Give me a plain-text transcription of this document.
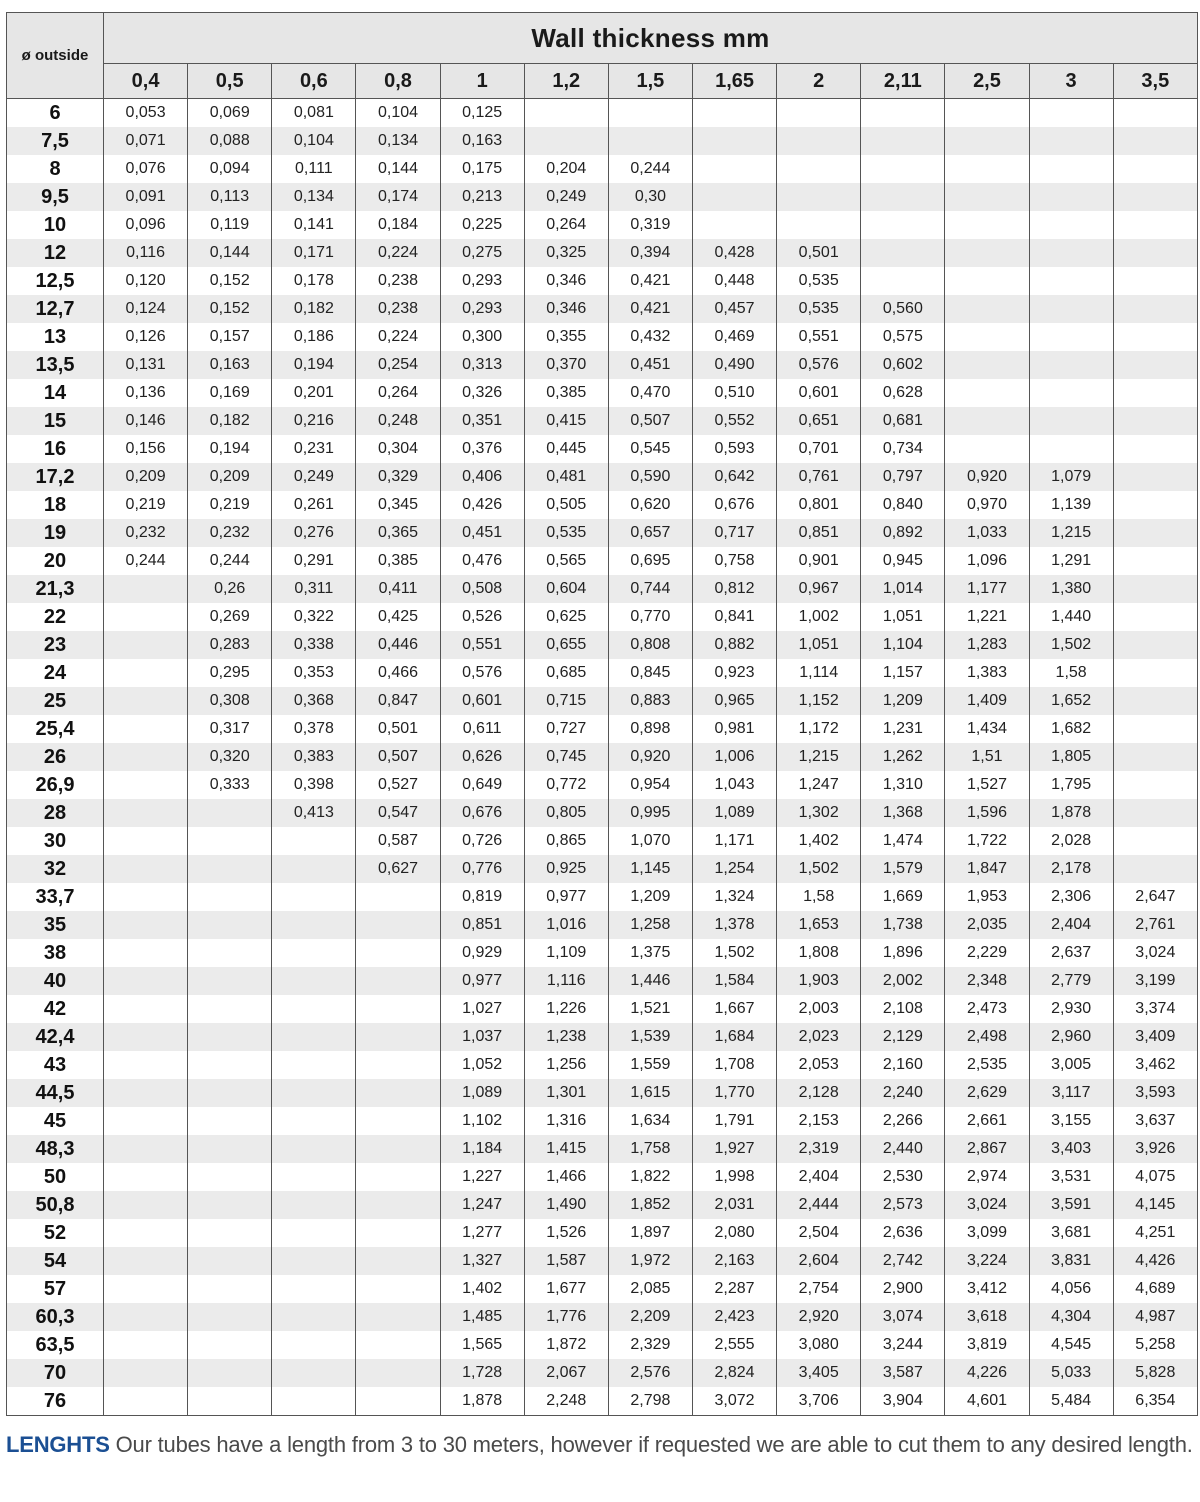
ø outside	Wall thickness mm												
	0,4	0,5	0,6	0,8	1	1,2	1,5	1,65	2	2,11	2,5	3	3,5
6	0,053	0,069	0,081	0,104	0,125								
7,5	0,071	0,088	0,104	0,134	0,163								
8	0,076	0,094	0,111	0,144	0,175	0,204	0,244						
9,5	0,091	0,113	0,134	0,174	0,213	0,249	0,30						
10	0,096	0,119	0,141	0,184	0,225	0,264	0,319						
12	0,116	0,144	0,171	0,224	0,275	0,325	0,394	0,428	0,501				
12,5	0,120	0,152	0,178	0,238	0,293	0,346	0,421	0,448	0,535				
12,7	0,124	0,152	0,182	0,238	0,293	0,346	0,421	0,457	0,535	0,560			
13	0,126	0,157	0,186	0,224	0,300	0,355	0,432	0,469	0,551	0,575			
13,5	0,131	0,163	0,194	0,254	0,313	0,370	0,451	0,490	0,576	0,602			
14	0,136	0,169	0,201	0,264	0,326	0,385	0,470	0,510	0,601	0,628			
15	0,146	0,182	0,216	0,248	0,351	0,415	0,507	0,552	0,651	0,681			
16	0,156	0,194	0,231	0,304	0,376	0,445	0,545	0,593	0,701	0,734			
17,2	0,209	0,209	0,249	0,329	0,406	0,481	0,590	0,642	0,761	0,797	0,920	1,079	
18	0,219	0,219	0,261	0,345	0,426	0,505	0,620	0,676	0,801	0,840	0,970	1,139	
19	0,232	0,232	0,276	0,365	0,451	0,535	0,657	0,717	0,851	0,892	1,033	1,215	
20	0,244	0,244	0,291	0,385	0,476	0,565	0,695	0,758	0,901	0,945	1,096	1,291	
21,3		0,26	0,311	0,411	0,508	0,604	0,744	0,812	0,967	1,014	1,177	1,380	
22		0,269	0,322	0,425	0,526	0,625	0,770	0,841	1,002	1,051	1,221	1,440	
23		0,283	0,338	0,446	0,551	0,655	0,808	0,882	1,051	1,104	1,283	1,502	
24		0,295	0,353	0,466	0,576	0,685	0,845	0,923	1,114	1,157	1,383	1,58	
25		0,308	0,368	0,847	0,601	0,715	0,883	0,965	1,152	1,209	1,409	1,652	
25,4		0,317	0,378	0,501	0,611	0,727	0,898	0,981	1,172	1,231	1,434	1,682	
26		0,320	0,383	0,507	0,626	0,745	0,920	1,006	1,215	1,262	1,51	1,805	
26,9		0,333	0,398	0,527	0,649	0,772	0,954	1,043	1,247	1,310	1,527	1,795	
28			0,413	0,547	0,676	0,805	0,995	1,089	1,302	1,368	1,596	1,878	
30				0,587	0,726	0,865	1,070	1,171	1,402	1,474	1,722	2,028	
32				0,627	0,776	0,925	1,145	1,254	1,502	1,579	1,847	2,178	
33,7					0,819	0,977	1,209	1,324	1,58	1,669	1,953	2,306	2,647
35					0,851	1,016	1,258	1,378	1,653	1,738	2,035	2,404	2,761
38					0,929	1,109	1,375	1,502	1,808	1,896	2,229	2,637	3,024
40					0,977	1,116	1,446	1,584	1,903	2,002	2,348	2,779	3,199
42					1,027	1,226	1,521	1,667	2,003	2,108	2,473	2,930	3,374
42,4					1,037	1,238	1,539	1,684	2,023	2,129	2,498	2,960	3,409
43					1,052	1,256	1,559	1,708	2,053	2,160	2,535	3,005	3,462
44,5					1,089	1,301	1,615	1,770	2,128	2,240	2,629	3,117	3,593
45					1,102	1,316	1,634	1,791	2,153	2,266	2,661	3,155	3,637
48,3					1,184	1,415	1,758	1,927	2,319	2,440	2,867	3,403	3,926
50					1,227	1,466	1,822	1,998	2,404	2,530	2,974	3,531	4,075
50,8					1,247	1,490	1,852	2,031	2,444	2,573	3,024	3,591	4,145
52					1,277	1,526	1,897	2,080	2,504	2,636	3,099	3,681	4,251
54					1,327	1,587	1,972	2,163	2,604	2,742	3,224	3,831	4,426
57					1,402	1,677	2,085	2,287	2,754	2,900	3,412	4,056	4,689
60,3					1,485	1,776	2,209	2,423	2,920	3,074	3,618	4,304	4,987
63,5					1,565	1,872	2,329	2,555	3,080	3,244	3,819	4,545	5,258
70					1,728	2,067	2,576	2,824	3,405	3,587	4,226	5,033	5,828
76					1,878	2,248	2,798	3,072	3,706	3,904	4,601	5,484	6,354
LENGHTS Our tubes have a length from 3 to 30 meters, however if requested we are able to cut them to any desired length.
